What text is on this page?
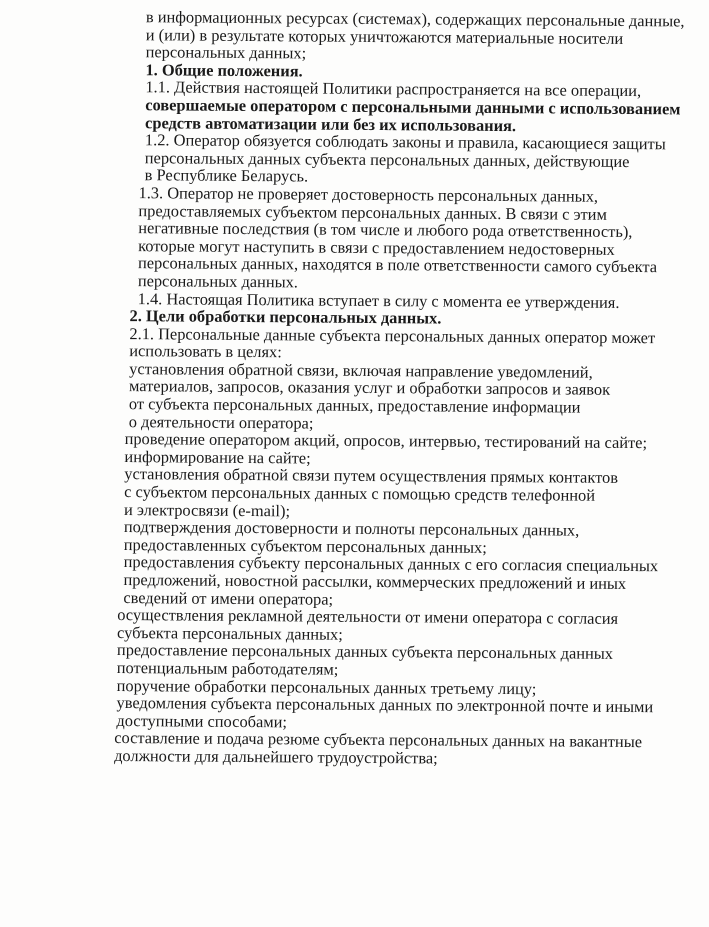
в информационных ресурсах (системах), содержащих персональные данные,
и (или) в результате которых уничтожаются материальные носители
персональных данных;
1. Общие положения.
1.1. Действия настоящей Политики распространяется на все операции,
совершаемые оператором с персональными данными с использованием
средств автоматизации или без их использования.
1.2. Оператор обязуется соблюдать законы и правила, касающиеся защиты
персональных данных субъекта персональных данных, действующие
в Республике Беларусь.
1.3. Оператор не проверяет достоверность персональных данных,
предоставляемых субъектом персональных данных. В связи с этим
негативные последствия (в том числе и любого рода ответственность),
которые могут наступить в связи с предоставлением недостоверных
персональных данных, находятся в поле ответственности самого субъекта
персональных данных.
1.4. Настоящая Политика вступает в силу с момента ее утверждения.
2. Цели обработки персональных данных.
2.1. Персональные данные субъекта персональных данных оператор может
использовать в целях:
установления обратной связи, включая направление уведомлений,
материалов, запросов, оказания услуг и обработки запросов и заявок
от субъекта персональных данных, предоставление информации
о деятельности оператора;
проведение оператором акций, опросов, интервью, тестирований на сайте;
информирование на сайте;
установления обратной связи путем осуществления прямых контактов
с субъектом персональных данных с помощью средств телефонной
и электросвязи (e-mail);
подтверждения достоверности и полноты персональных данных,
предоставленных субъектом персональных данных;
предоставления субъекту персональных данных с его согласия специальных
предложений, новостной рассылки, коммерческих предложений и иных
сведений от имени оператора;
осуществления рекламной деятельности от имени оператора с согласия
субъекта персональных данных;
предоставление персональных данных субъекта персональных данных
потенциальным работодателям;
поручение обработки персональных данных третьему лицу;
уведомления субъекта персональных данных по электронной почте и иными
доступными способами;
составление и подача резюме субъекта персональных данных на вакантные
должности для дальнейшего трудоустройства;
